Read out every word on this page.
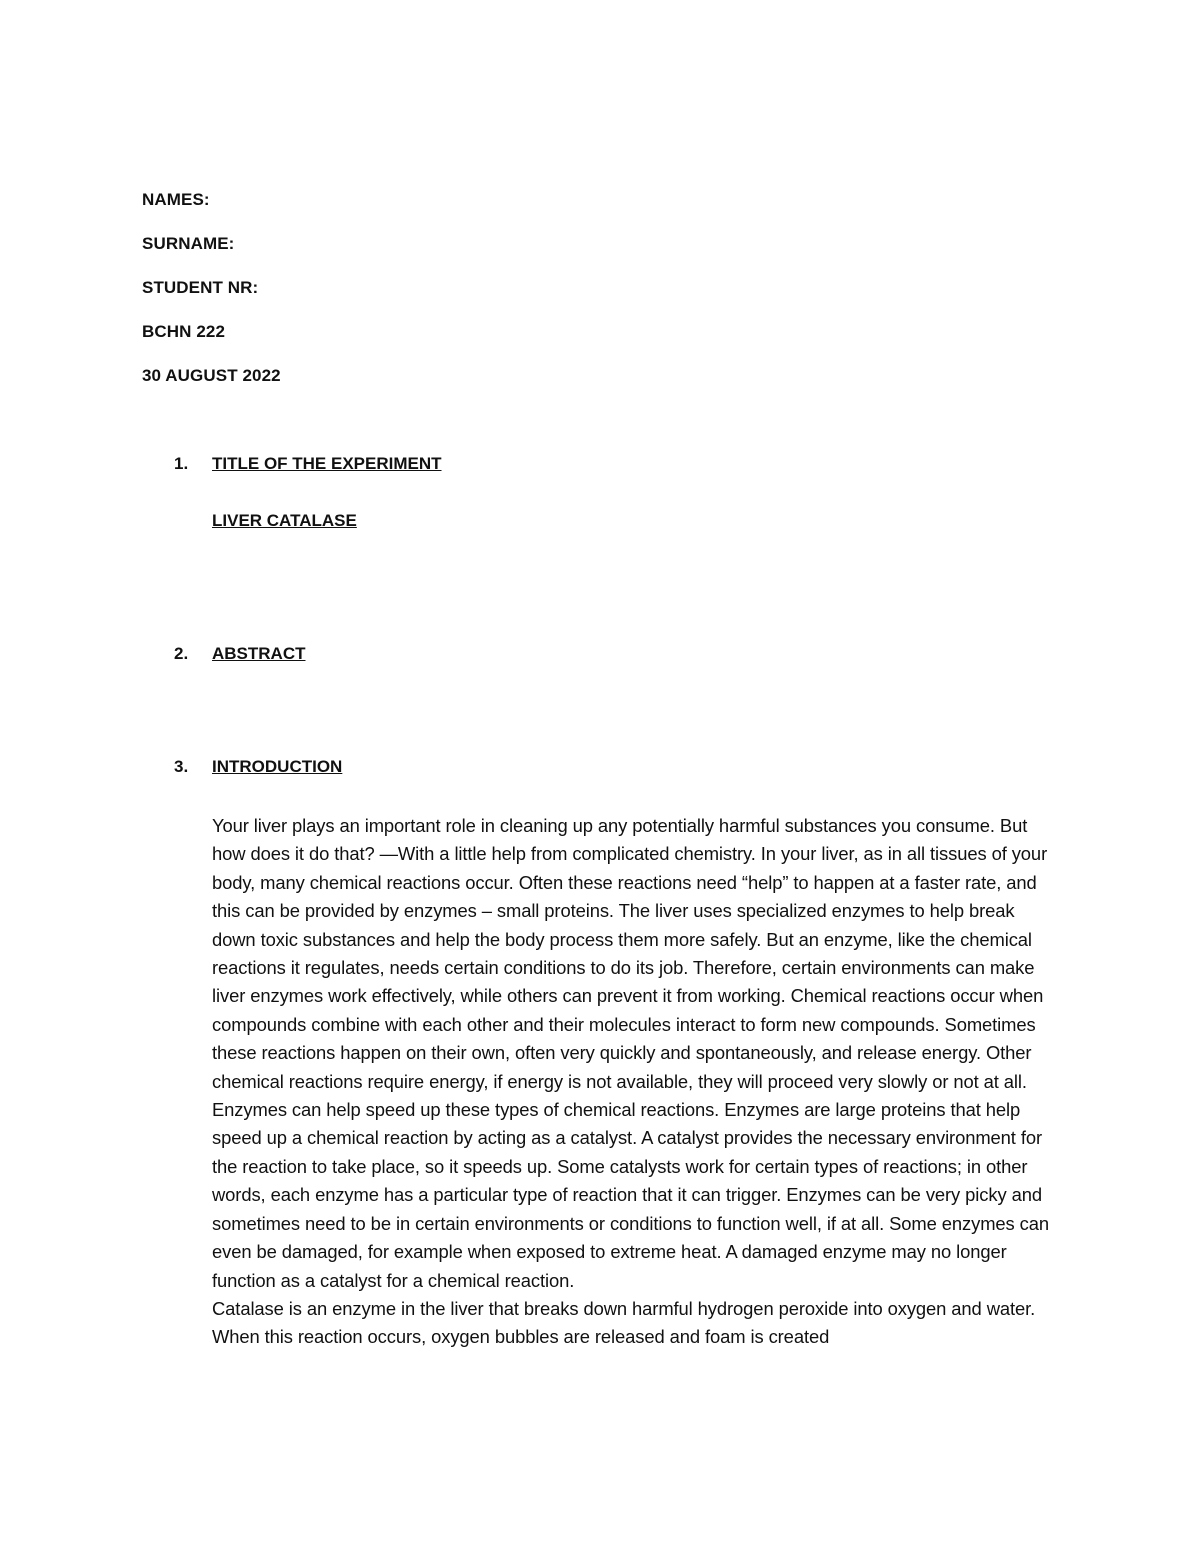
NAMES:
SURNAME:
STUDENT NR:
BCHN 222
30 AUGUST 2022
1. TITLE OF THE EXPERIMENT
LIVER CATALASE
2. ABSTRACT
3. INTRODUCTION

Your liver plays an important role in cleaning up any potentially harmful substances you consume. But how does it do that? —With a little help from complicated chemistry. In your liver, as in all tissues of your body, many chemical reactions occur. Often these reactions need “help” to happen at a faster rate, and this can be provided by enzymes – small proteins. The liver uses specialized enzymes to help break down toxic substances and help the body process them more safely. But an enzyme, like the chemical reactions it regulates, needs certain conditions to do its job. Therefore, certain environments can make liver enzymes work effectively, while others can prevent it from working. Chemical reactions occur when compounds combine with each other and their molecules interact to form new compounds. Sometimes these reactions happen on their own, often very quickly and spontaneously, and release energy. Other chemical reactions require energy, if energy is not available, they will proceed very slowly or not at all. Enzymes can help speed up these types of chemical reactions. Enzymes are large proteins that help speed up a chemical reaction by acting as a catalyst. A catalyst provides the necessary environment for the reaction to take place, so it speeds up. Some catalysts work for certain types of reactions; in other words, each enzyme has a particular type of reaction that it can trigger. Enzymes can be very picky and sometimes need to be in certain environments or conditions to function well, if at all. Some enzymes can even be damaged, for example when exposed to extreme heat. A damaged enzyme may no longer function as a catalyst for a chemical reaction.

Catalase is an enzyme in the liver that breaks down harmful hydrogen peroxide into oxygen and water. When this reaction occurs, oxygen bubbles are released and foam is created
